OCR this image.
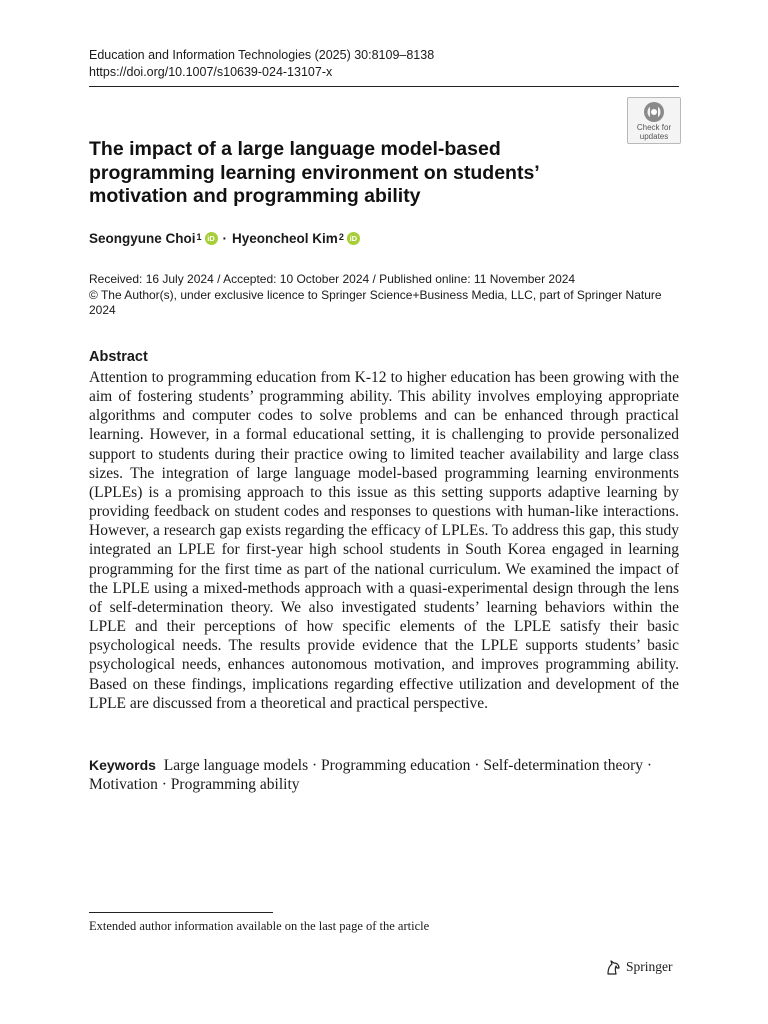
Education and Information Technologies (2025) 30:8109–8138
https://doi.org/10.1007/s10639-024-13107-x
Check for
updates
The impact of a large language model-based programming learning environment on students’ motivation and programming ability
Seongyune Choi$^1$ iD · Hyeoncheol Kim$^2$ iD
Received: 16 July 2024 / Accepted: 10 October 2024 / Published online: 11 November 2024
© The Author(s), under exclusive licence to Springer Science+Business Media, LLC, part of Springer Nature 2024
Abstract
Attention to programming education from K-12 to higher education has been growing with the aim of fostering students’ programming ability. This ability involves employing appropriate algorithms and computer codes to solve problems and can be enhanced through practical learning. However, in a formal educational setting, it is challenging to provide personalized support to students during their practice owing to limited teacher availability and large class sizes. The integration of large language model-based programming learning environments (LPLEs) is a promising approach to this issue as this setting supports adaptive learning by providing feedback on student codes and responses to questions with human-like interactions. However, a research gap exists regarding the efficacy of LPLEs. To address this gap, this study integrated an LPLE for first-year high school students in South Korea engaged in learning programming for the first time as part of the national curriculum. We examined the impact of the LPLE using a mixed-methods approach with a quasi-experimental design through the lens of self-determination theory. We also investigated students’ learning behaviors within the LPLE and their perceptions of how specific elements of the LPLE satisfy their basic psychological needs. The results provide evidence that the LPLE supports students’ basic psychological needs, enhances autonomous motivation, and improves programming ability. Based on these findings, implications regarding effective utilization and development of the LPLE are discussed from a theoretical and practical perspective.
Keywords Large language models · Programming education · Self-determination theory · Motivation · Programming ability
Extended author information available on the last page of the article
Springer
